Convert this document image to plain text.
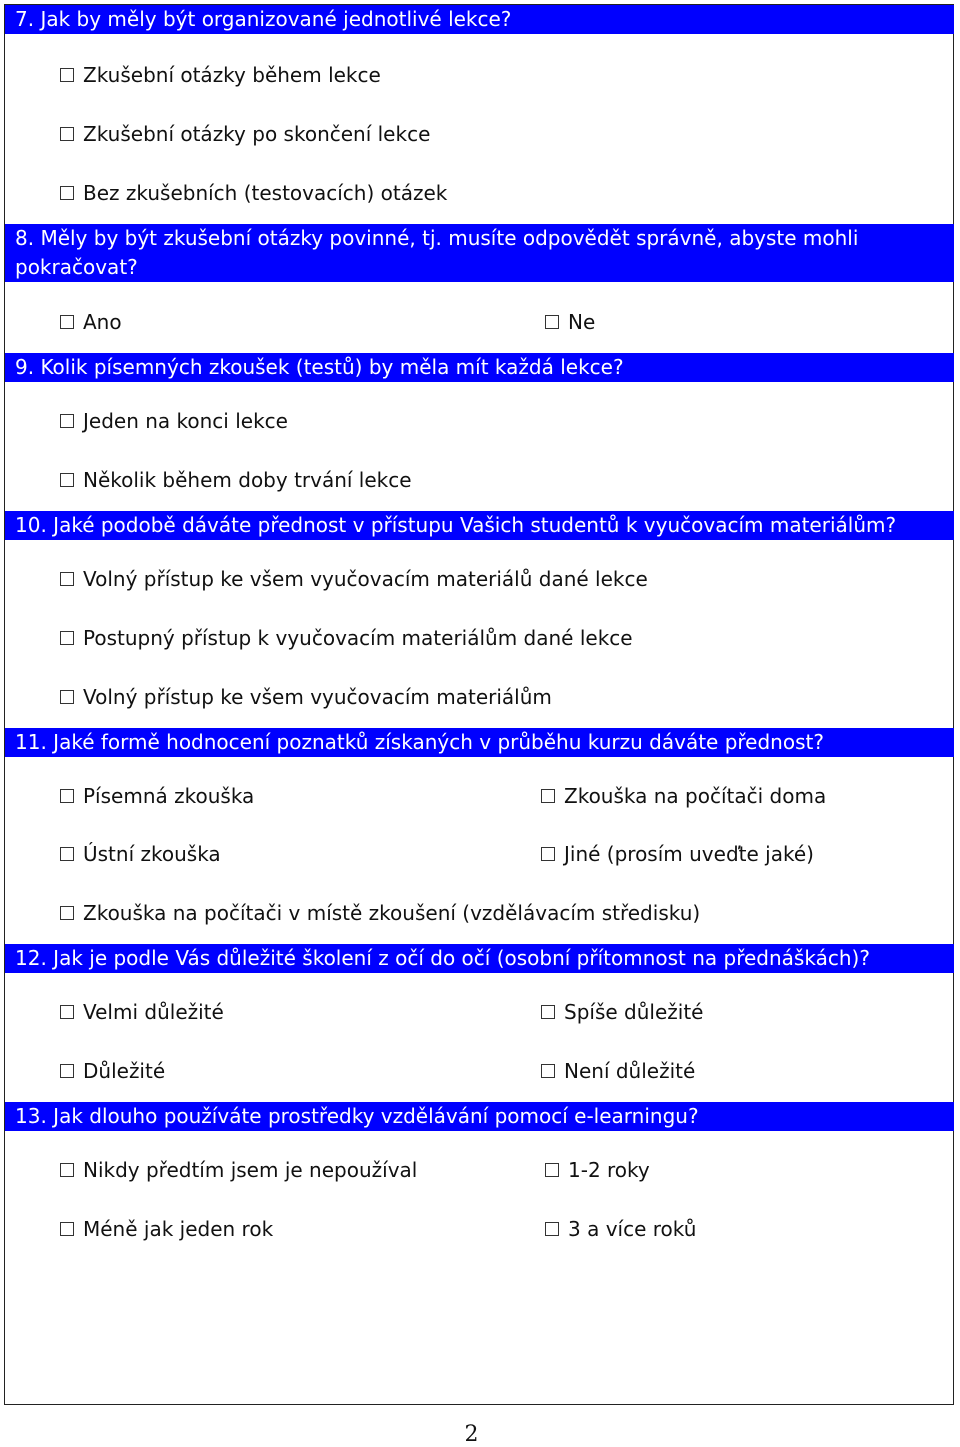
7. Jak by měly být organizované jednotlivé lekce?
Zkušební otázky během lekce
Zkušební otázky po skončení lekce
Bez zkušebních (testovacích) otázek
8. Měly by být zkušební otázky povinné, tj. musíte odpovědět správně, abyste mohli pokračovat?
Ano	Ne
9. Kolik písemných zkoušek (testů) by měla mít každá lekce?
Jeden na konci lekce
Několik během doby trvání lekce
10. Jaké podobě dáváte přednost v přístupu Vašich studentů k vyučovacím materiálům?
Volný přístup ke všem vyučovacím materiálů dané lekce
Postupný přístup k vyučovacím materiálům dané lekce
Volný přístup ke všem vyučovacím materiálům
11. Jaké formě hodnocení poznatků získaných v průběhu kurzu dáváte přednost?
Písemná zkouška	Zkouška na počítači doma
Ústní zkouška	Jiné (prosím uveďte jaké)
Zkouška na počítači v místě zkoušení (vzdělávacím středisku)
12. Jak je podle Vás důležité školení z očí do očí (osobní přítomnost na přednáškách)?
Velmi důležité	Spíše důležité
Důležité	Není důležité
13. Jak dlouho používáte prostředky vzdělávání pomocí e-learningu?
Nikdy předtím jsem je nepoužíval	1-2 roky
Méně jak jeden rok	3 a více roků
2
